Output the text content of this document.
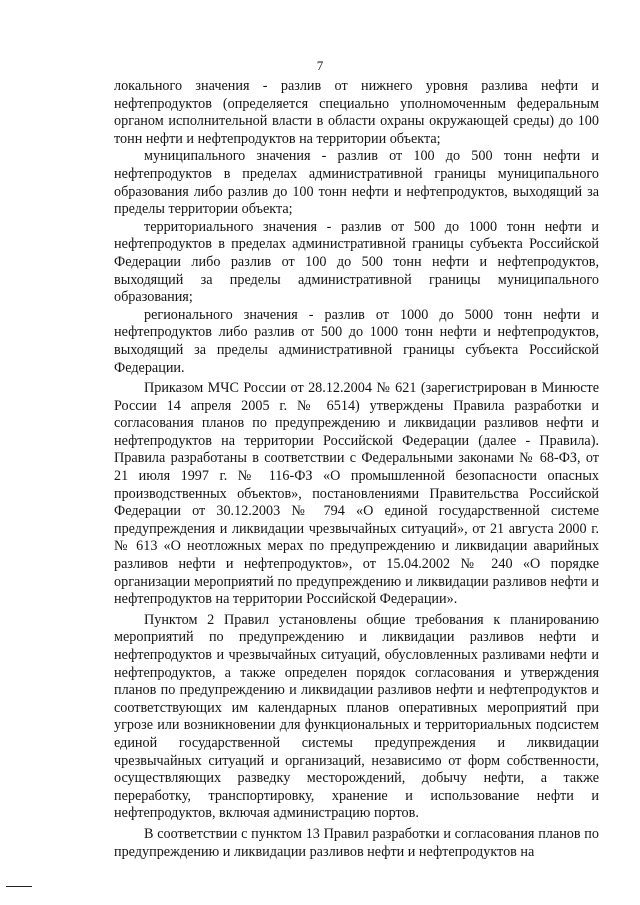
7

локального значения - разлив от нижнего уровня разлива нефти и нефтепродуктов (определяется специально уполномоченным федеральным органом исполнительной власти в области охраны окружающей среды) до 100 тонн нефти и нефтепродуктов на территории объекта;

муниципального значения - разлив от 100 до 500 тонн нефти и нефтепродуктов в пределах административной границы муниципального образования либо разлив до 100 тонн нефти и нефтепродуктов, выходящий за пределы территории объекта;

территориального значения - разлив от 500 до 1000 тонн нефти и нефтепродуктов в пределах административной границы субъекта Российской Федерации либо разлив от 100 до 500 тонн нефти и нефтепродуктов, выходящий за пределы административной границы муниципального образования;

регионального значения - разлив от 1000 до 5000 тонн нефти и нефтепродуктов либо разлив от 500 до 1000 тонн нефти и нефтепродуктов, выходящий за пределы административной границы субъекта Российской Федерации.

Приказом МЧС России от 28.12.2004 № 621 (зарегистрирован в Минюсте России 14 апреля 2005 г. № 6514) утверждены Правила разработки и согласования планов по предупреждению и ликвидации разливов нефти и нефтепродуктов на территории Российской Федерации (далее - Правила). Правила разработаны в соответствии с Федеральными законами № 68-ФЗ, от 21 июля 1997 г. № 116-ФЗ «О промышленной безопасности опасных производственных объектов», постановлениями Правительства Российской Федерации от 30.12.2003 № 794 «О единой государственной системе предупреждения и ликвидации чрезвычайных ситуаций», от 21 августа 2000 г. № 613 «О неотложных мерах по предупреждению и ликвидации аварийных разливов нефти и нефтепродуктов», от 15.04.2002 № 240 «О порядке организации мероприятий по предупреждению и ликвидации разливов нефти и нефтепродуктов на территории Российской Федерации».

Пунктом 2 Правил установлены общие требования к планированию мероприятий по предупреждению и ликвидации разливов нефти и нефтепродуктов и чрезвычайных ситуаций, обусловленных разливами нефти и нефтепродуктов, а также определен порядок согласования и утверждения планов по предупреждению и ликвидации разливов нефти и нефтепродуктов и соответствующих им календарных планов оперативных мероприятий при угрозе или возникновении для функциональных и территориальных подсистем единой государственной системы предупреждения и ликвидации чрезвычайных ситуаций и организаций, независимо от форм собственности, осуществляющих разведку месторождений, добычу нефти, а также переработку, транспортировку, хранение и использование нефти и нефтепродуктов, включая администрацию портов.

В соответствии с пунктом 13 Правил разработки и согласования планов по предупреждению и ликвидации разливов нефти и нефтепродуктов на
